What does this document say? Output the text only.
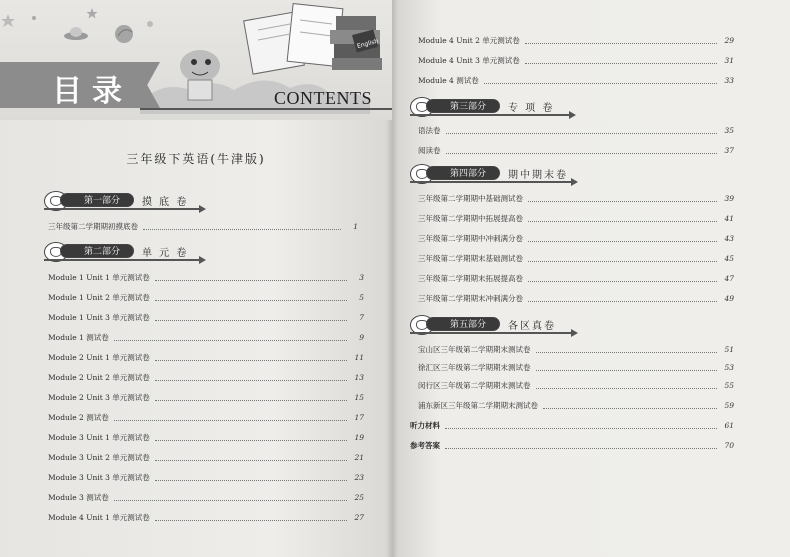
English
目录	CONTENTS
三年级下英语(牛津版)
第一部分	摸 底 卷
三年级第二学期期初摸底卷	1
第二部分	单 元 卷
Module 1 Unit 1 单元测试卷	3
Module 1 Unit 2 单元测试卷	5
Module 1 Unit 3 单元测试卷	7
Module 1 测试卷	9
Module 2 Unit 1 单元测试卷	11
Module 2 Unit 2 单元测试卷	13
Module 2 Unit 3 单元测试卷	15
Module 2 测试卷	17
Module 3 Unit 1 单元测试卷	19
Module 3 Unit 2 单元测试卷	21
Module 3 Unit 3 单元测试卷	23
Module 3 测试卷	25
Module 4 Unit 1 单元测试卷	27
Module 4 Unit 2 单元测试卷	29
Module 4 Unit 3 单元测试卷	31
Module 4 测试卷	33
第三部分	专 项 卷
语法卷	35
阅读卷	37
第四部分	期中期末卷
三年级第二学期期中基础测试卷	39
三年级第二学期期中拓展提高卷	41
三年级第二学期期中冲刺满分卷	43
三年级第二学期期末基础测试卷	45
三年级第二学期期末拓展提高卷	47
三年级第二学期期末冲刺满分卷	49
第五部分	各区真卷
宝山区三年级第二学期期末测试卷	51
徐汇区三年级第二学期期末测试卷	53
闵行区三年级第二学期期末测试卷	55
浦东新区三年级第二学期期末测试卷	59
听力材料	61
参考答案	70
